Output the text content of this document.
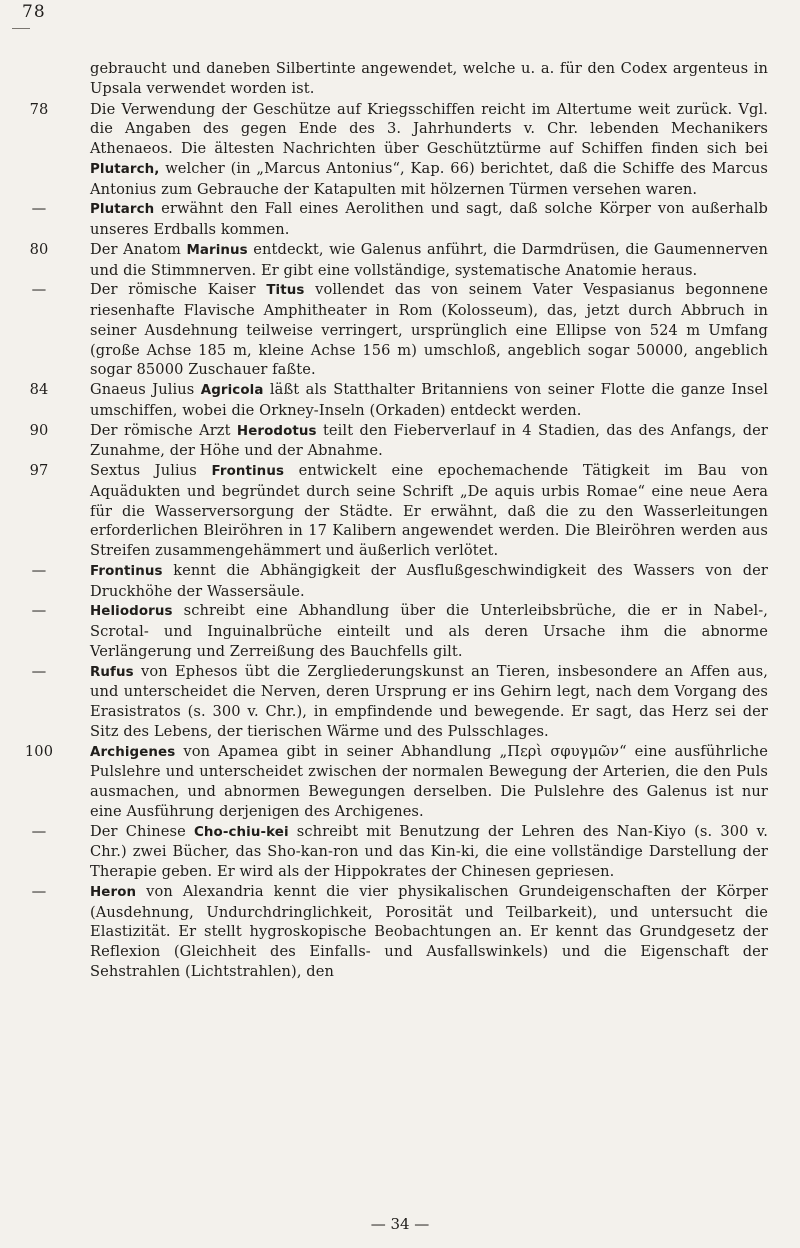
78
gebraucht und daneben Silbertinte angewendet, welche u. a. für den Codex argenteus in Upsala verwendet worden ist.
78	Die Verwendung der Geschütze auf Kriegsschiffen reicht im Altertume weit zurück. Vgl. die Angaben des gegen Ende des 3. Jahrhunderts v. Chr. lebenden Mechanikers Athenaeos. Die ältesten Nachrichten über Geschütztürme auf Schiffen finden sich bei Plutarch, welcher (in „Marcus Antonius“, Kap. 66) berichtet, daß die Schiffe des Marcus Antonius zum Gebrauche der Katapulten mit hölzernen Türmen versehen waren.
—	Plutarch erwähnt den Fall eines Aerolithen und sagt, daß solche Körper von außerhalb unseres Erdballs kommen.
80	Der Anatom Marinus entdeckt, wie Galenus anführt, die Darmdrüsen, die Gaumennerven und die Stimmnerven. Er gibt eine vollständige, systematische Anatomie heraus.
—	Der römische Kaiser Titus vollendet das von seinem Vater Vespasianus begonnene riesenhafte Flavische Amphitheater in Rom (Kolosseum), das, jetzt durch Abbruch in seiner Ausdehnung teilweise verringert, ursprünglich eine Ellipse von 524 m Umfang (große Achse 185 m, kleine Achse 156 m) umschloß, angeblich sogar 50000, angeblich sogar 85000 Zuschauer faßte.
84	Gnaeus Julius Agricola läßt als Statthalter Britanniens von seiner Flotte die ganze Insel umschiffen, wobei die Orkney-Inseln (Orkaden) entdeckt werden.
90	Der römische Arzt Herodotus teilt den Fieberverlauf in 4 Stadien, das des Anfangs, der Zunahme, der Höhe und der Abnahme.
97	Sextus Julius Frontinus entwickelt eine epochemachende Tätigkeit im Bau von Aquädukten und begründet durch seine Schrift „De aquis urbis Romae“ eine neue Aera für die Wasserversorgung der Städte. Er erwähnt, daß die zu den Wasserleitungen erforderlichen Bleiröhren in 17 Kalibern angewendet werden. Die Bleiröhren werden aus Streifen zusammengehämmert und äußerlich verlötet.
—	Frontinus kennt die Abhängigkeit der Ausflußgeschwindigkeit des Wassers von der Druckhöhe der Wassersäule.
—	Heliodorus schreibt eine Abhandlung über die Unterleibsbrüche, die er in Nabel-, Scrotal- und Inguinalbrüche einteilt und als deren Ursache ihm die abnorme Verlängerung und Zerreißung des Bauchfells gilt.
—	Rufus von Ephesos übt die Zergliederungskunst an Tieren, insbesondere an Affen aus, und unterscheidet die Nerven, deren Ursprung er ins Gehirn legt, nach dem Vorgang des Erasistratos (s. 300 v. Chr.), in empfindende und bewegende. Er sagt, das Herz sei der Sitz des Lebens, der tierischen Wärme und des Pulsschlages.
100	Archigenes von Apamea gibt in seiner Abhandlung „Περὶ σφυγμῶν“ eine ausführliche Pulslehre und unterscheidet zwischen der normalen Bewegung der Arterien, die den Puls ausmachen, und abnormen Bewegungen derselben. Die Pulslehre des Galenus ist nur eine Ausführung derjenigen des Archigenes.
—	Der Chinese Cho-chiu-kei schreibt mit Benutzung der Lehren des Nan-Kiyo (s. 300 v. Chr.) zwei Bücher, das Sho-kan-ron und das Kin-ki, die eine vollständige Darstellung der Therapie geben. Er wird als der Hippokrates der Chinesen gepriesen.
—	Heron von Alexandria kennt die vier physikalischen Grundeigenschaften der Körper (Ausdehnung, Undurchdringlichkeit, Porosität und Teilbarkeit), und untersucht die Elastizität. Er stellt hygroskopische Beobachtungen an. Er kennt das Grundgesetz der Reflexion (Gleichheit des Einfalls- und Ausfallswinkels) und die Eigenschaft der Sehstrahlen (Lichtstrahlen), den
— 34 —
